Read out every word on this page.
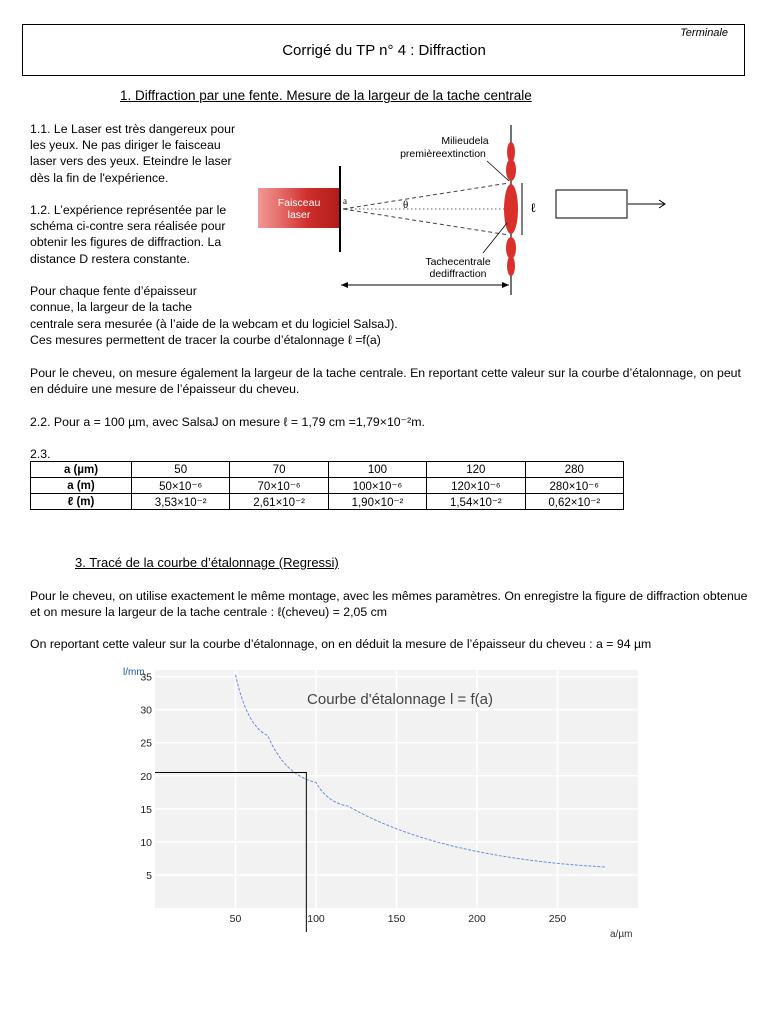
Terminale
Corrigé du TP n° 4 : Diffraction
1. Diffraction par une fente. Mesure de la largeur de la tache centrale

1.1. Le Laser est très dangereux pour les yeux. Ne pas diriger le faisceau laser vers des yeux. Eteindre le laser dès la fin de l'expérience.

1.2. L’expérience représentée par le schéma ci-contre sera réalisée pour obtenir les figures de diffraction. La distance D restera constante.

Pour chaque fente d’épaisseur connue, la largeur de la tache

centrale sera mesurée (à l’aide de la webcam et du logiciel SalsaJ).

Ces mesures permettent de tracer la courbe d’étalonnage ℓ =f(a)

Pour le cheveu, on mesure également la largeur de la tache centrale. En reportant cette valeur sur la courbe d’étalonnage, on peut en déduire une mesure de l’épaisseur du cheveu.

2.2. Pour a = 100 µm, avec SalsaJ on mesure ℓ = 1,79 cm =1,79×10⁻²m.

2.3.

Faisceau
laser
a	θ	ℓ
Milieudela
premièreextinction
Tachecentrale
dediffraction
a (µm)	50	70	100	120	280
a (m)	50×10⁻⁶	70×10⁻⁶	100×10⁻⁶	120×10⁻⁶	280×10⁻⁶
ℓ (m)	3,53×10⁻²	2,61×10⁻²	1,90×10⁻²	1,54×10⁻²	0,62×10⁻²
3. Tracé de la courbe d’étalonnage (Regressi)

Pour le cheveu, on utilise exactement le même montage, avec les mêmes paramètres. On enregistre la figure de diffraction obtenue et on mesure la largeur de la tache centrale : ℓ(cheveu) = 2,05 cm

On reportant cette valeur sur la courbe d’étalonnage, on en déduit la mesure de l’épaisseur du cheveu : a = 94 µm

50	100	150	200	250
5
10
15
20
25
30
35
Courbe d'étalonnage l = f(a)
l/mm
a/µm
